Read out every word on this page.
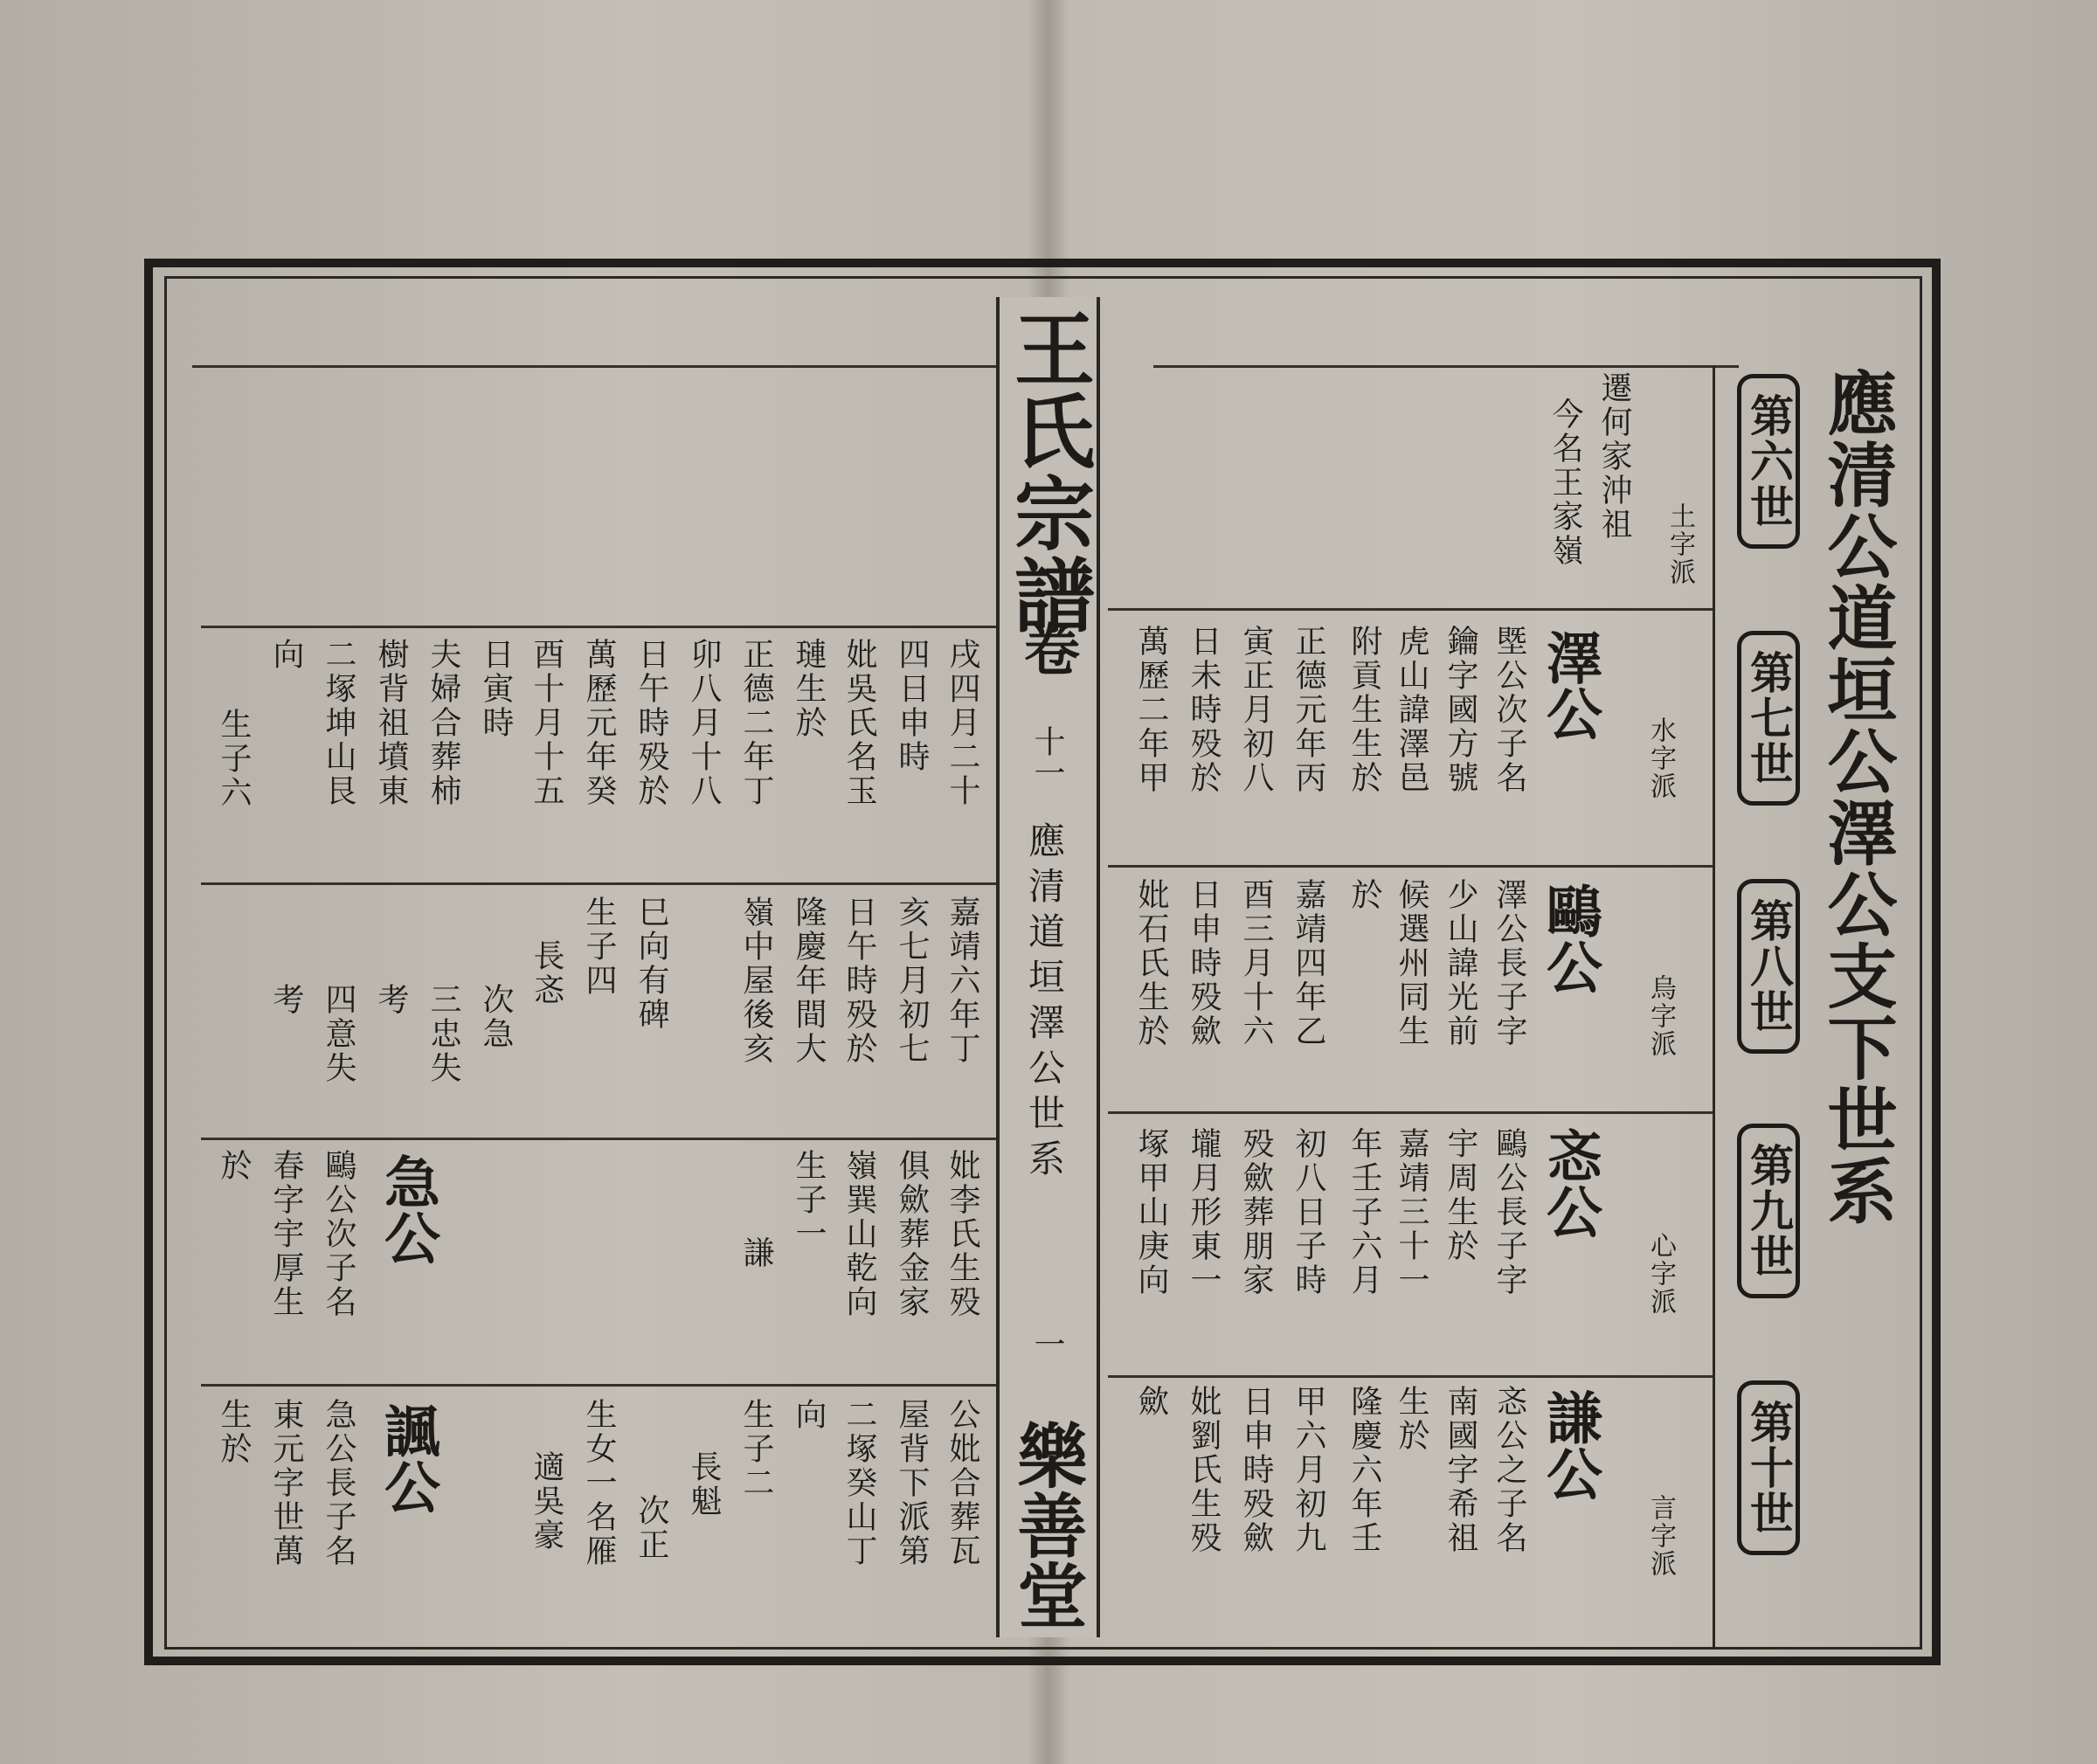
王氏宗譜
卷
十一
應清道垣澤公世系
一
樂善堂
應清公道垣公澤公支下世系
第六世
第七世
第八世
第九世
第十世
土字派
遷何家沖祖
今名王家嶺
水字派
澤公
塈公次子名
鑰字國方號
虎山諱澤邑
附貢生生於
正德元年丙
寅正月初八
日未時殁於
萬歷二年甲
烏字派
鷗公
澤公長子字
少山諱光前
候選州同生
於
嘉靖四年乙
酉三月十六
日申時殁歛
妣石氏生於
心字派
忞公
鷗公長子字
宇周生於
嘉靖三十一
年壬子六月
初八日子時
殁歛葬朋家
壠月形東一
塚甲山庚向
言字派
謙公
忞公之子名
南國字希祖
生於
隆慶六年壬
甲六月初九
日申時殁歛
妣劉氏生殁
歛
戌四月二十
四日申時
妣吳氏名玉
璉生於
正德二年丁
卯八月十八
日午時殁於
萬歷元年癸
酉十月十五
日寅時
夫婦合葬柿
樹背祖墳東
二塚坤山艮
向
生子六
嘉靖六年丁
亥七月初七
日午時殁於
隆慶年間大
嶺中屋後亥
巳向有碑
生子四
長忞
次急
三忠失
考
四意失
考
妣李氏生殁
俱歛葬金家
嶺巽山乾向
生子一
謙
急公
鷗公次子名
春字宇厚生
於
公妣合葬瓦
屋背下派第
二塚癸山丁
向
生子二
長魁
次正
生女一名雁
適吳豪
諷公
急公長子名
東元字世萬
生於
